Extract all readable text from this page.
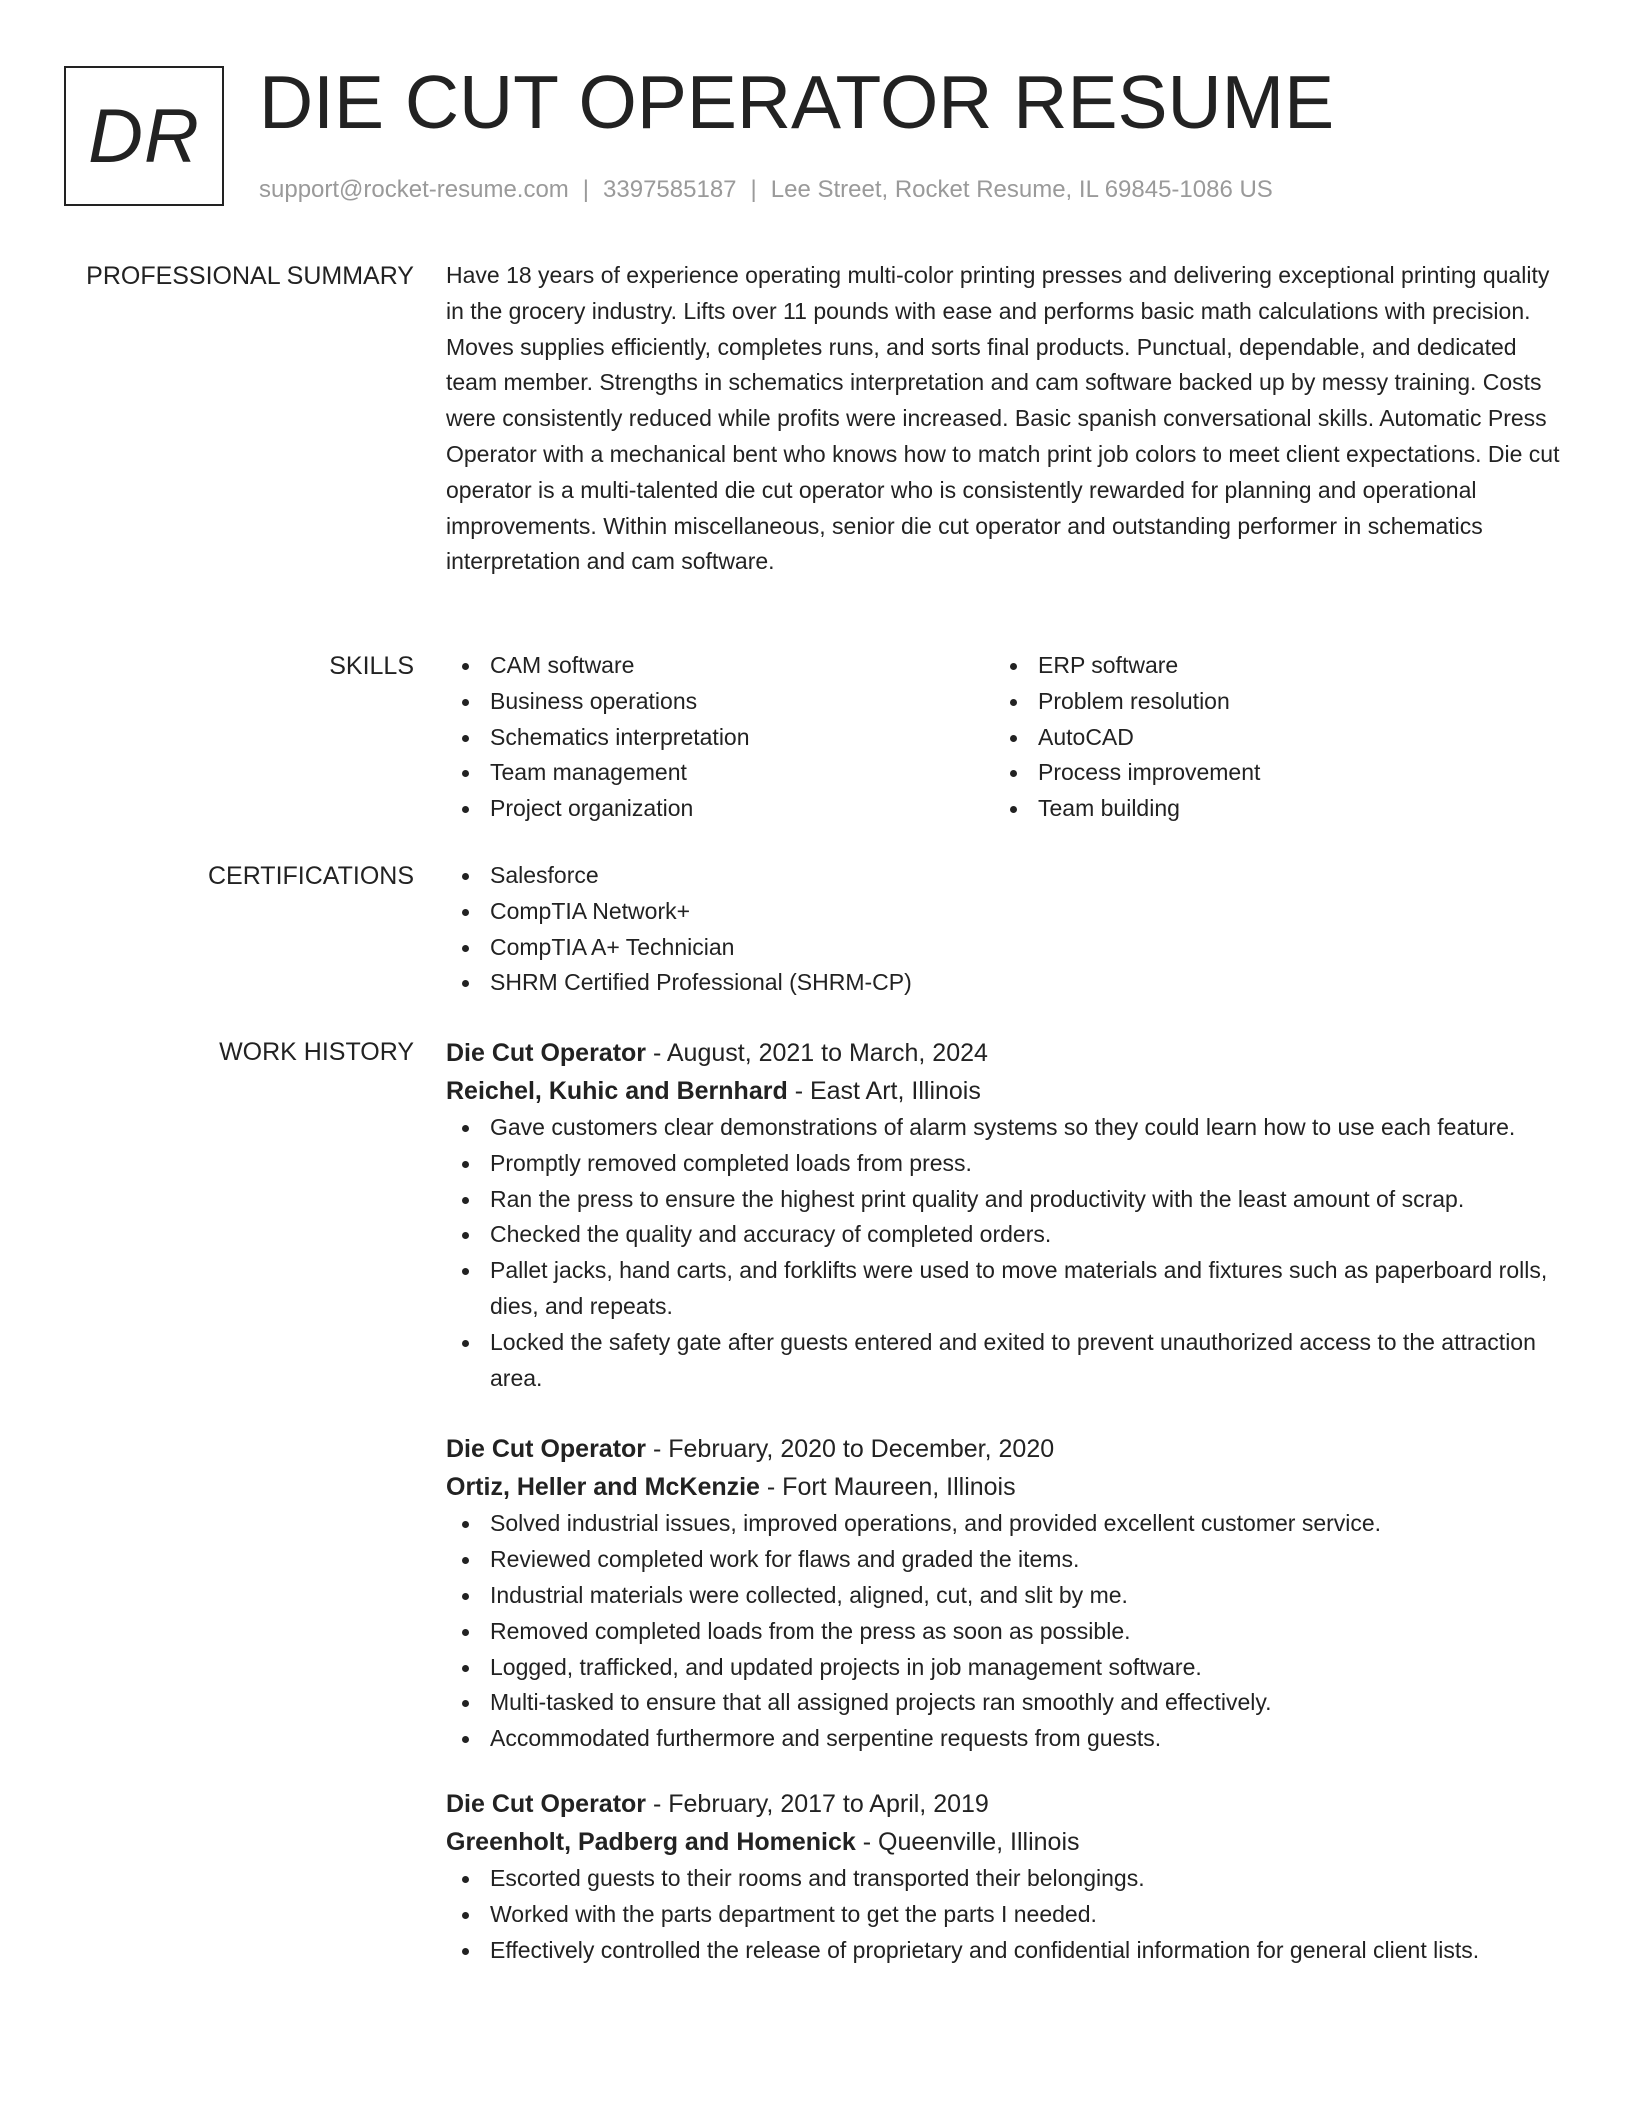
DR DIE CUT OPERATOR RESUME
support@rocket-resume.com | 3397585187 | Lee Street, Rocket Resume, IL 69845-1086 US
PROFESSIONAL SUMMARY Have 18 years of experience operating multi-color printing presses and delivering exceptional printing quality in the grocery industry. Lifts over 11 pounds with ease and performs basic math calculations with precision. Moves supplies efficiently, completes runs, and sorts final products. Punctual, dependable, and dedicated team member. Strengths in schematics interpretation and cam software backed up by messy training. Costs were consistently reduced while profits were increased. Basic spanish conversational skills. Automatic Press Operator with a mechanical bent who knows how to match print job colors to meet client expectations. Die cut operator is a multi-talented die cut operator who is consistently rewarded for planning and operational improvements. Within miscellaneous, senior die cut operator and outstanding performer in schematics interpretation and cam software.

SKILLS	CAM software
Business operations
Schematics interpretation
Team management
Project organization
ERP software
Problem resolution
AutoCAD
Process improvement
Team building
CERTIFICATIONS	Salesforce
CompTIA Network+
CompTIA A+ Technician
SHRM Certified Professional (SHRM-CP)
WORK HISTORY Die Cut Operator - August, 2021 to March, 2024
Reichel, Kuhic and Bernhard - East Art, Illinois
Gave customers clear demonstrations of alarm systems so they could learn how to use each feature.
Promptly removed completed loads from press.
Ran the press to ensure the highest print quality and productivity with the least amount of scrap.
Checked the quality and accuracy of completed orders.
Pallet jacks, hand carts, and forklifts were used to move materials and fixtures such as paperboard rolls, dies, and repeats.
Locked the safety gate after guests entered and exited to prevent unauthorized access to the attraction area.
Die Cut Operator - February, 2020 to December, 2020
Ortiz, Heller and McKenzie - Fort Maureen, Illinois
Solved industrial issues, improved operations, and provided excellent customer service.
Reviewed completed work for flaws and graded the items.
Industrial materials were collected, aligned, cut, and slit by me.
Removed completed loads from the press as soon as possible.
Logged, trafficked, and updated projects in job management software.
Multi-tasked to ensure that all assigned projects ran smoothly and effectively.
Accommodated furthermore and serpentine requests from guests.
Die Cut Operator - February, 2017 to April, 2019
Greenholt, Padberg and Homenick - Queenville, Illinois
Escorted guests to their rooms and transported their belongings.
Worked with the parts department to get the parts I needed.
Effectively controlled the release of proprietary and confidential information for general client lists.
